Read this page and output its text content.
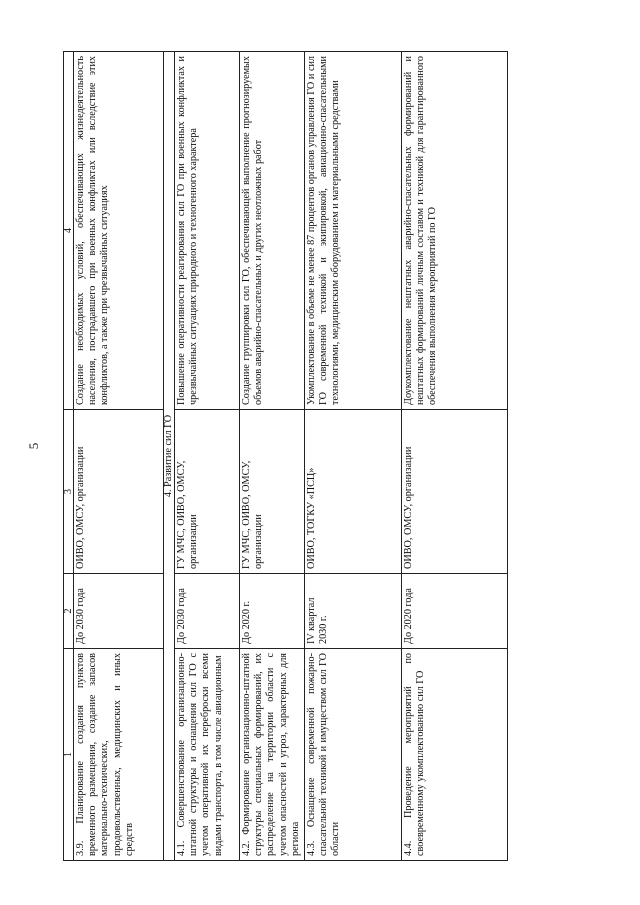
5
1	2	3	4
3.9. Планирование создания пунктов временного размещения, создание запасов материально-технических, продовольственных, медицинских и иных средств	До 2030 года	ОИВО, ОМСУ, организации	Создание необходимых условий, обеспечивающих жизнедеятельность населения, пострадавшего при военных конфликтах или вследствие этих конфликтов, а также при чрезвычайных ситуациях
4. Развитие сил ГО			
4.1. Совершенствование организационно-штатной структуры и оснащения сил ГО с учетом оперативной их переброски всеми видами транспорта, в том числе авиационным	До 2030 года	ГУ МЧС, ОИВО, ОМСУ, организации	Повышение оперативности реагирования сил ГО при военных конфликтах и чрезвычайных ситуациях природного и техногенного характера
4.2. Формирование организационно-штатной структуры специальных формирований, их распределение на территории области с учетом опасностей и угроз, характерных для региона	До 2020 г.	ГУ МЧС, ОИВО, ОМСУ, организации	Создание группировки сил ГО, обеспечивающей выполнение прогнозируемых объемов аварийно-спасательных и других неотложных работ
4.3. Оснащение современной пожарно-спасательной техникой и имуществом сил ГО области	IV квартал 2030 г.	ОИВО, ТОГКУ «ПСЦ»	Укомплектование в объеме не менее 87 процентов органов управления ГО и сил ГО современной техникой и экипировкой, авиационно-спасательными технологиями, медицинским оборудованием и материальными средствами
4.4. Проведение мероприятий по своевременному укомплектованию сил ГО	До 2020 года	ОИВО, ОМСУ, организации	Доукомплектование нештатных аварийно-спасательных формирований и нештатных формирований личным составом и техникой для гарантированного обеспечения выполнения мероприятий по ГО
